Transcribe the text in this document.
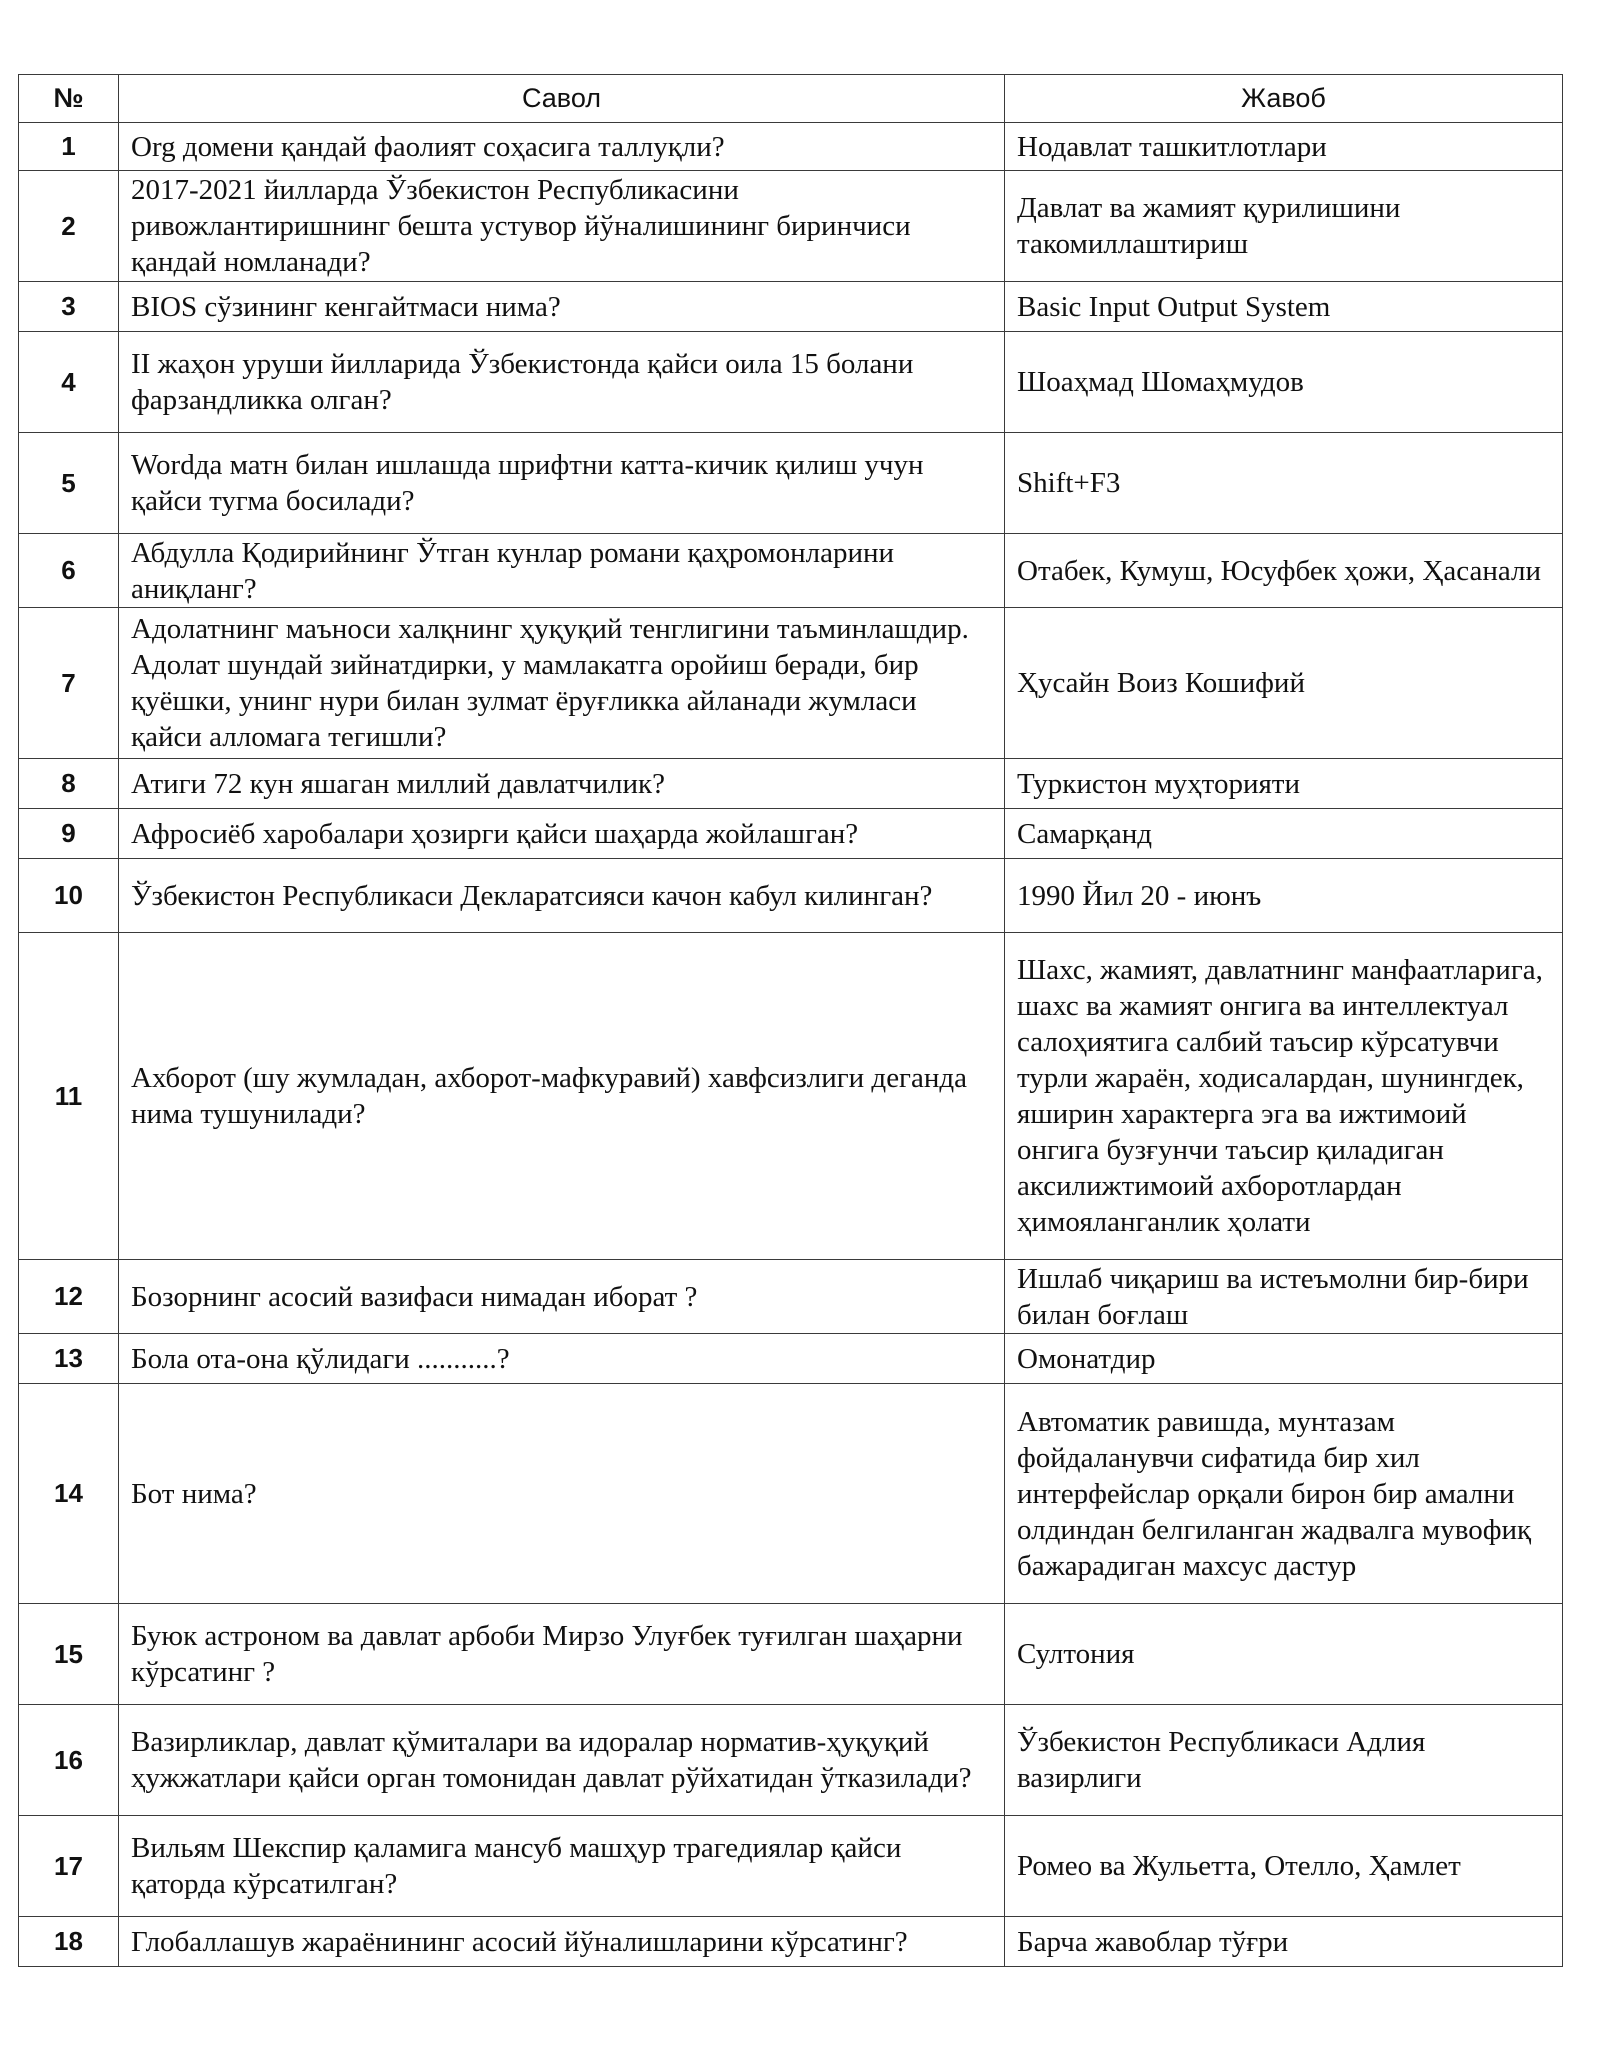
№	Савол	Жавоб
1	Оrg домени қандай фаолият соҳасига таллуқли?	Нодавлат ташкитлотлари
2	2017-2021 йилларда Ўзбекистон Республикасини ривожлантиришнинг бешта устувор йўналишининг биринчиси қандай номланади?	Давлат ва жамият қурилишини такомиллаштириш
3	BIOS сўзининг кенгайтмаси нима?	Basic Input Output System
4	II жаҳон уруши йилларида Ўзбекистонда қайси оила 15 болани фарзандликка олган?	Шоаҳмад Шомаҳмудов
5	Wordда матн билан ишлашда шрифтни катта-кичик қилиш учун қайси тугма босилади?	Shift+F3
6	Абдулла Қодирийнинг Ўтган кунлар романи қаҳромонларини аниқланг?	Отабек, Кумуш, Юсуфбек ҳожи, Ҳасанали
7	Адолатнинг маъноси халқнинг ҳуқуқий тенглигини таъминлашдир. Адолат шундай зийнатдирки, у мамлакатга оройиш беради, бир қуёшки, унинг нури билан зулмат ёруғликка айланади жумласи қайси алломага тегишли?	Ҳусайн Воиз Кошифий
8	Атиги 72 кун яшаган миллий давлатчилик?	Туркистон муҳторияти
9	Афросиёб харобалари ҳозирги қайси шаҳарда жойлашган?	Самарқанд
10	Ўзбекистон Республикаси Деклaратсияси качон кабул килинган?	1990 Йил 20 - июнъ
11	Ахборот (шу жумладан, ахборот-мафкуравий) хавфсизлиги деганда нима тушунилади?	Шахс, жамият, давлатнинг манфаатларига, шахс ва жамият онгига ва интеллектуал салоҳиятига салбий таъсир кўрсатувчи турли жараён, ходисалардан, шунингдек, яширин характерга эга ва ижтимоий онгига бузғунчи таъсир қиладиган аксилижтимоий ахборотлардан ҳимояланганлик ҳолати
12	Бозорнинг асосий вазифаси нимадан иборат ?	Ишлаб чиқариш ва истеъмолни бир-бири билан боғлаш
13	Бола ота-она қўлидаги ...........?	Омонатдир
14	Бот нима?	Автоматик равишда, мунтазам фойдаланувчи сифатида бир хил интерфейслар орқали бирон бир амални олдиндан белгиланган жадвалга мувофиқ бажарадиган махсус дастур
15	Буюк астроном ва давлат арбоби Мирзо Улуғбек туғилган шаҳарни кўрсатинг ?	Султония
16	Вазирликлар, давлат қўмиталари ва идоралар норматив-ҳуқуқий ҳужжатлари қайси орган томонидан давлат рўйхатидан ўтказилади?	Ўзбекистон Республикаси Адлия вазирлиги
17	Вильям Шекспир қаламига мансуб машҳур трагедиялар қайси қаторда кўрсатилган?	Ромео ва Жульетта, Отелло, Ҳамлет
18	Глобаллашув жараёнининг асосий йўналишларини кўрсатинг?	Барча жавоблар тўғри
